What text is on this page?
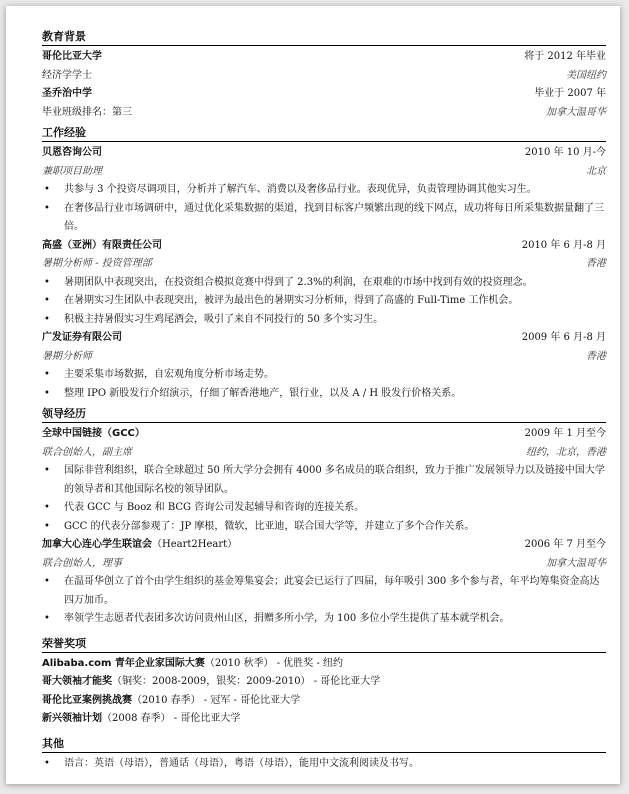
教育背景
哥伦比亚大学	将于 2012 年毕业
经济学学士	美国纽约
圣乔治中学	毕业于 2007 年
毕业班级排名：第三	加拿大温哥华
工作经验
贝恩咨询公司	2010 年 10 月-今
兼职项目助理	北京
• 共参与 3 个投资尽调项目，分析并了解汽车、消费以及奢侈品行业。表现优异，负责管理协调其他实习生。
• 在奢侈品行业市场调研中，通过优化采集数据的渠道，找到目标客户频繁出现的线下网点，成功将每日所采集数据量翻了三倍。
高盛（亚洲）有限责任公司	2010 年 6 月-8 月
暑期分析师 - 投资管理部	香港
• 暑期团队中表现突出，在投资组合模拟竞赛中得到了 2.3%的利润，在艰难的市场中找到有效的投资理念。
• 在暑期实习生团队中表现突出，被评为最出色的暑期实习分析师，得到了高盛的 Full-Time 工作机会。
• 积极主持暑假实习生鸡尾酒会，吸引了来自不同投行的 50 多个实习生。
广发证券有限公司	2009 年 6 月-8 月
暑期分析师	香港
• 主要采集市场数据，自宏观角度分析市场走势。
• 整理 IPO 新股发行介绍演示，仔细了解香港地产，银行业，以及 A / H 股发行价格关系。
领导经历
全球中国链接（GCC）	2009 年 1 月至今
联合创始人，副主席	纽约，北京，香港
• 国际非营利组织，联合全球超过 50 所大学分会拥有 4000 多名成员的联合组织，致力于推广发展领导力以及链接中国大学的领导者和其他国际名校的领导团队。
• 代表 GCC 与 Booz 和 BCG 咨询公司发起辅导和咨询的连接关系。
• GCC 的代表分部参观了：JP 摩根，微软，比亚迪，联合国大学等，并建立了多个合作关系。
加拿大心连心学生联谊会（Heart2Heart）	2006 年 7 月至今
联合创始人，理事	加拿大温哥华
• 在温哥华创立了首个由学生组织的基金筹集宴会；此宴会已运行了四届，每年吸引 300 多个参与者，年平均筹集资金高达四万加币。
• 率领学生志愿者代表团多次访问贵州山区，捐赠多所小学，为 100 多位小学生提供了基本就学机会。
荣誉奖项
Alibaba.com 青年企业家国际大赛（2010 秋季） - 优胜奖 - 纽约
哥大领袖才能奖（铜奖：2008-2009，银奖：2009-2010） - 哥伦比亚大学
哥伦比亚案例挑战赛（2010 春季） - 冠军 - 哥伦比亚大学
新兴领袖计划（2008 春季） - 哥伦比亚大学
其他
• 语言：英语（母语），普通话（母语），粤语（母语），能用中文流利阅读及书写。
